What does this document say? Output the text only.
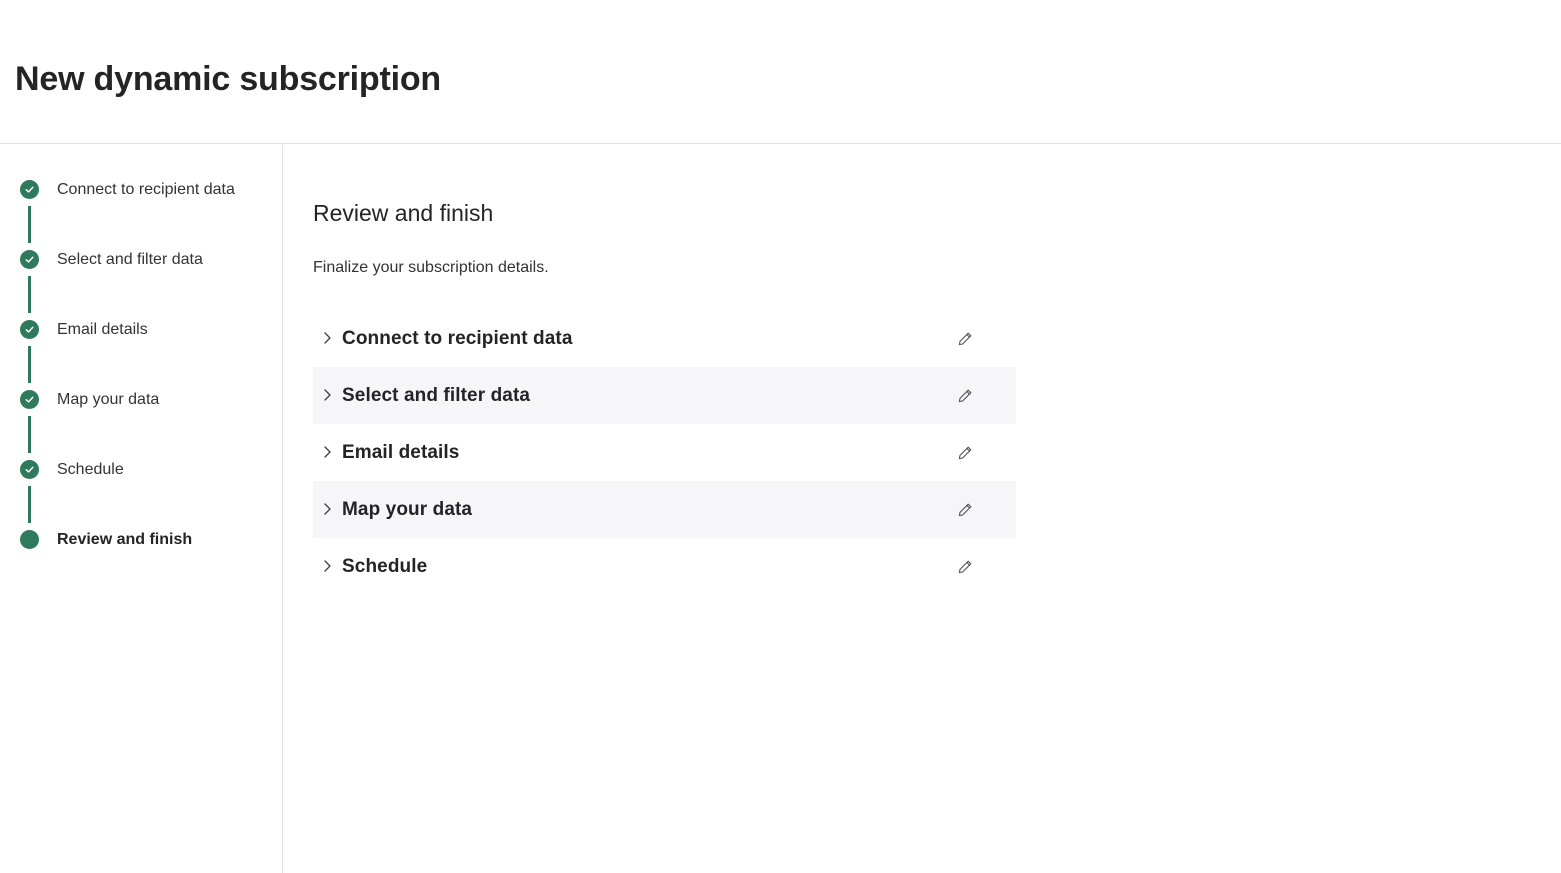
New dynamic subscription
Connect to recipient data
Select and filter data
Email details
Map your data
Schedule
Review and finish
Review and finish

Finalize your subscription details.

Connect to recipient data
Select and filter data
Email details
Map your data
Schedule
